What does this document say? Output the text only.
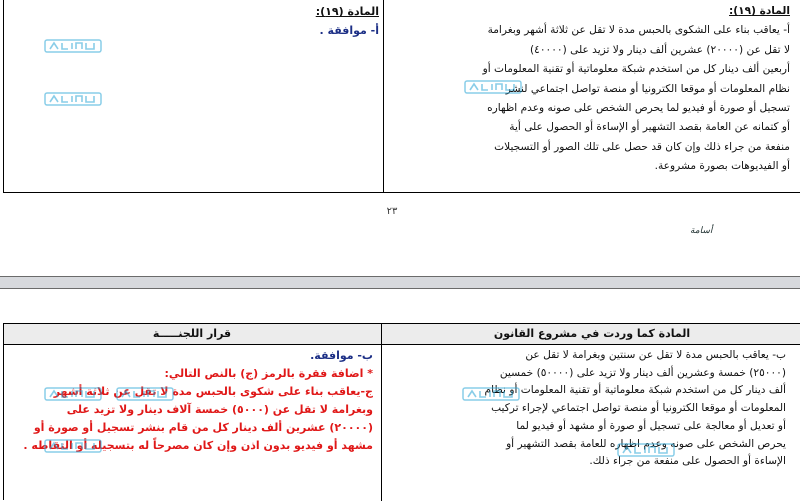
المادة (١٩):
أ- يعاقب بناء على الشكوى بالحبس مدة لا تقل عن ثلاثة أشهر وبغرامة
لا تقل عن (٢٠٠٠٠) عشرين ألف دينار ولا تزيد على (٤٠٠٠٠)
أربعين ألف دينار كل من استخدم شبكة معلوماتية أو تقنية المعلومات أو
نظام المعلومات أو موقعا الكترونيا أو منصة تواصل اجتماعي لنشر
تسجيل أو صورة أو فيديو لما يحرص الشخص على صونه وعدم اظهاره
أو كتمانه عن العامة بقصد التشهير أو الإساءة أو الحصول على أية
منفعة من جراء ذلك وإن كان قد حصل على تلك الصور أو التسجيلات
أو الفيديوهات بصورة مشروعة.
المادة (١٩):
أ- موافقة .
٢٣
أسامة
المادة كما وردت في مشروع القانون
قرار اللجنـــــة
ب- يعاقب بالحبس مدة لا تقل عن سنتين وبغرامة لا تقل عن
(٢٥٠٠٠) خمسة وعشرين ألف دينار ولا تزيد على (٥٠٠٠٠) خمسين
ألف دينار كل من استخدم شبكة معلوماتية أو تقنية المعلومات أو نظام
المعلومات أو موقعا الكترونيا أو منصة تواصل اجتماعي لإجراء تركيب
أو تعديل أو معالجة على تسجيل أو صورة أو مشهد أو فيديو لما
يحرص الشخص على صونه وعدم اظهاره للعامة بقصد التشهير أو
الإساءة أو الحصول على منفعة من جراء ذلك.
ب- موافقة.
* اضافة فقرة بالرمز (ج) بالنص التالي:
ج-يعاقب بناء على شكوى بالحبس مدة لا تقل عن ثلاثة أشهر
وبغرامة لا تقل عن (٥٠٠٠) خمسة آلاف دينار ولا تزيد على
(٢٠٠٠٠) عشرين ألف دينار كل من قام بنشر تسجيل أو صورة أو
مشهد أو فيديو بدون اذن وإن كان مصرحاً له بتسجيله أو التقاطه .
